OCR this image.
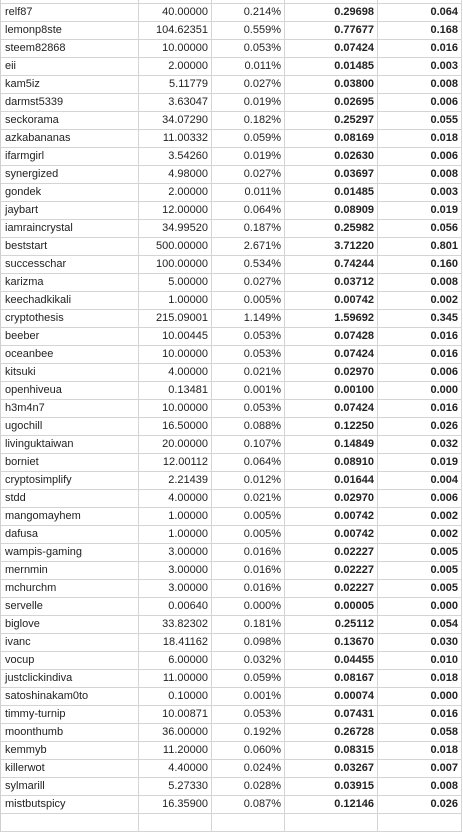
relf87	40.00000	0.214%	0.29698	0.064
lemonp8ste	104.62351	0.559%	0.77677	0.168
steem82868	10.00000	0.053%	0.07424	0.016
eii	2.00000	0.011%	0.01485	0.003
kam5iz	5.11779	0.027%	0.03800	0.008
darmst5339	3.63047	0.019%	0.02695	0.006
seckorama	34.07290	0.182%	0.25297	0.055
azkabananas	11.00332	0.059%	0.08169	0.018
ifarmgirl	3.54260	0.019%	0.02630	0.006
synergized	4.98000	0.027%	0.03697	0.008
gondek	2.00000	0.011%	0.01485	0.003
jaybart	12.00000	0.064%	0.08909	0.019
iamraincrystal	34.99520	0.187%	0.25982	0.056
beststart	500.00000	2.671%	3.71220	0.801
successchar	100.00000	0.534%	0.74244	0.160
karizma	5.00000	0.027%	0.03712	0.008
keechadkikali	1.00000	0.005%	0.00742	0.002
cryptothesis	215.09001	1.149%	1.59692	0.345
beeber	10.00445	0.053%	0.07428	0.016
oceanbee	10.00000	0.053%	0.07424	0.016
kitsuki	4.00000	0.021%	0.02970	0.006
openhiveua	0.13481	0.001%	0.00100	0.000
h3m4n7	10.00000	0.053%	0.07424	0.016
ugochill	16.50000	0.088%	0.12250	0.026
livinguktaiwan	20.00000	0.107%	0.14849	0.032
borniet	12.00112	0.064%	0.08910	0.019
cryptosimplify	2.21439	0.012%	0.01644	0.004
stdd	4.00000	0.021%	0.02970	0.006
mangomayhem	1.00000	0.005%	0.00742	0.002
dafusa	1.00000	0.005%	0.00742	0.002
wampis-gaming	3.00000	0.016%	0.02227	0.005
mernmin	3.00000	0.016%	0.02227	0.005
mchurchm	3.00000	0.016%	0.02227	0.005
servelle	0.00640	0.000%	0.00005	0.000
biglove	33.82302	0.181%	0.25112	0.054
ivanc	18.41162	0.098%	0.13670	0.030
vocup	6.00000	0.032%	0.04455	0.010
justclickindiva	11.00000	0.059%	0.08167	0.018
satoshinakam0to	0.10000	0.001%	0.00074	0.000
timmy-turnip	10.00871	0.053%	0.07431	0.016
moonthumb	36.00000	0.192%	0.26728	0.058
kemmyb	11.20000	0.060%	0.08315	0.018
killerwot	4.40000	0.024%	0.03267	0.007
sylmarill	5.27330	0.028%	0.03915	0.008
mistbutspicy	16.35900	0.087%	0.12146	0.026
